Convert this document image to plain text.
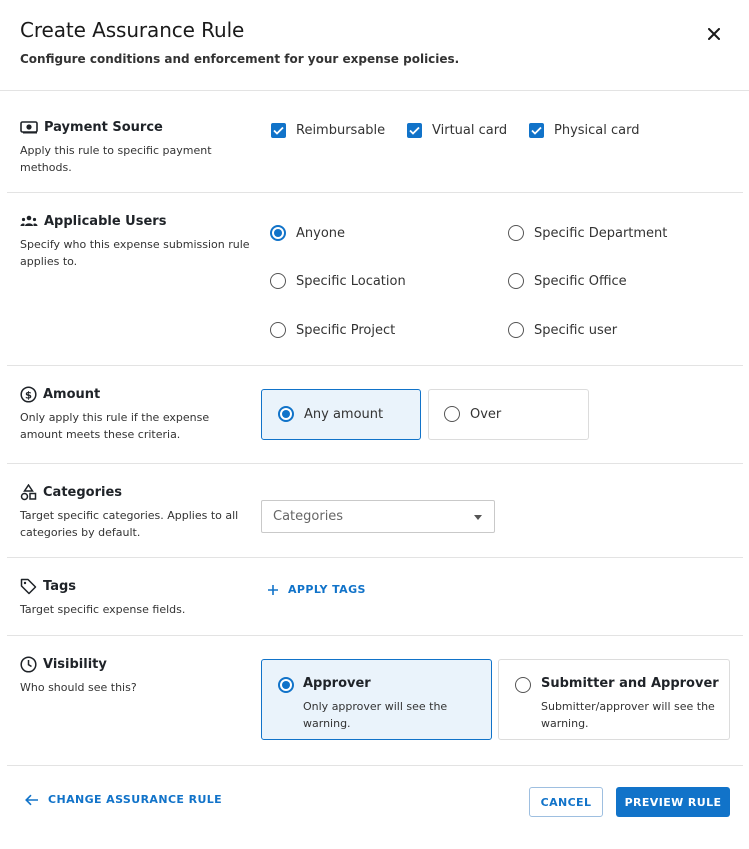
Create Assurance Rule
Configure conditions and enforcement for your expense policies.
Payment Source
Apply this rule to specific payment methods.
Reimbursable	Virtual card	Physical card
Applicable Users
Specify who this expense submission rule applies to.
Anyone	Specific Department
Specific Location	Specific Office
Specific Project	Specific user
$ Amount
Only apply this rule if the expense amount meets these criteria.
Any amount	Over
Categories
Target specific categories. Applies to all categories by default.
Categories
Tags
Target specific expense fields.
APPLY TAGS
Visibility
Who should see this?	Approver
Only approver will see the warning.
Submitter and Approver
Submitter/approver will see the warning.
CHANGE ASSURANCE RULE	CANCEL	PREVIEW RULE
